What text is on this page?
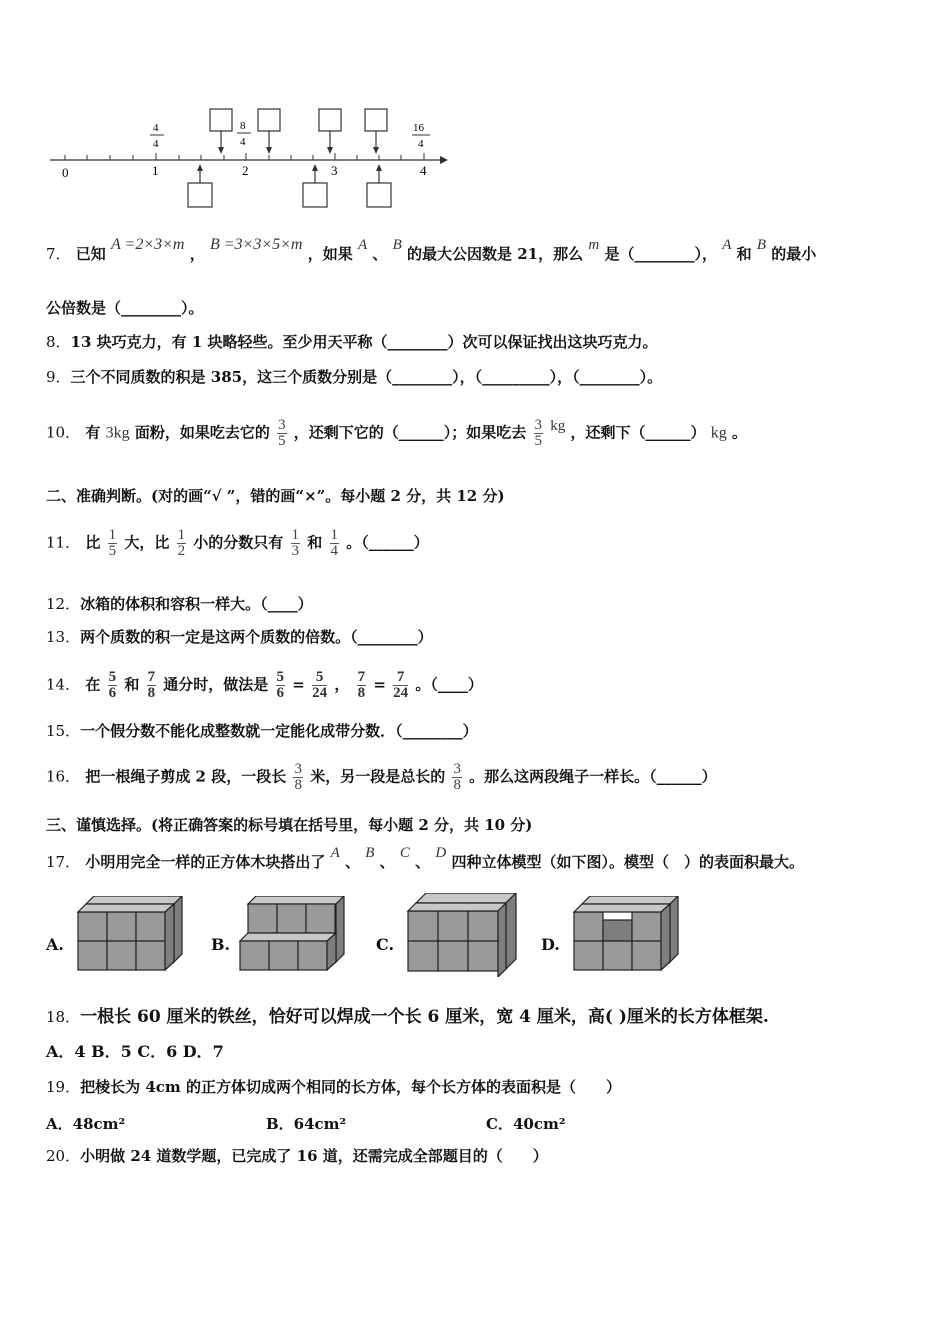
0	1	2	3	4
4
4
8
4
16
4
7． 已知 A =2×3×m ， B =3×3×5×m ，如果 A 、 B 的最大公因数是 21，那么 m 是（________）， A 和 B 的最小
公倍数是（________）。
8．13 块巧克力，有 1 块略轻些。至少用天平称（________）次可以保证找出这块巧克力。
9．三个不同质数的积是 385，这三个质数分别是（________），（_________），（________）。
10． 有 3kg 面粉，如果吃去它的 $\frac{3}{5}$ ，还剩下它的（______）；如果吃去 $\frac{3}{5}$ kg ，还剩下（______） kg 。
二、准确判断。(对的画“√ ”，错的画“×”。每小题 2 分，共 12 分)
11． 比 $\frac{1}{5}$ 大，比 $\frac{1}{2}$ 小的分数只有 $\frac{1}{3}$ 和 $\frac{1}{4}$ 。（______）
12．冰箱的体积和容积一样大。（____）
13．两个质数的积一定是这两个质数的倍数。（________）
14． 在 $\frac{5}{6}$ 和 $\frac{7}{8}$ 通分时，做法是 $\frac{5}{6} = \frac{5}{24}$ ， $\frac{7}{8} = \frac{7}{24}$ 。（____）
15．一个假分数不能化成整数就一定能化成带分数．（________）
16． 把一根绳子剪成 2 段，一段长 $\frac{3}{8}$ 米，另一段是总长的 $\frac{3}{8}$ 。那么这两段绳子一样长。（______）
三、谨慎选择。(将正确答案的标号填在括号里，每小题 2 分，共 10 分)
17． 小明用完全一样的正方体木块搭出了 A 、 B 、 C 、 D 四种立体模型（如下图）。模型（　）的表面积最大。
A.	B.	C.	D.
18．一根长 60 厘米的铁丝，恰好可以焊成一个长 6 厘米，宽 4 厘米，高( )厘米的长方体框架.
A．4 B．5 C．6 D．7
19．把棱长为 4cm 的正方体切成两个相同的长方体，每个长方体的表面积是（　　）
A．48cm²	B．64cm²	C．40cm²
20．小明做 24 道数学题，已完成了 16 道，还需完成全部题目的（　　）
